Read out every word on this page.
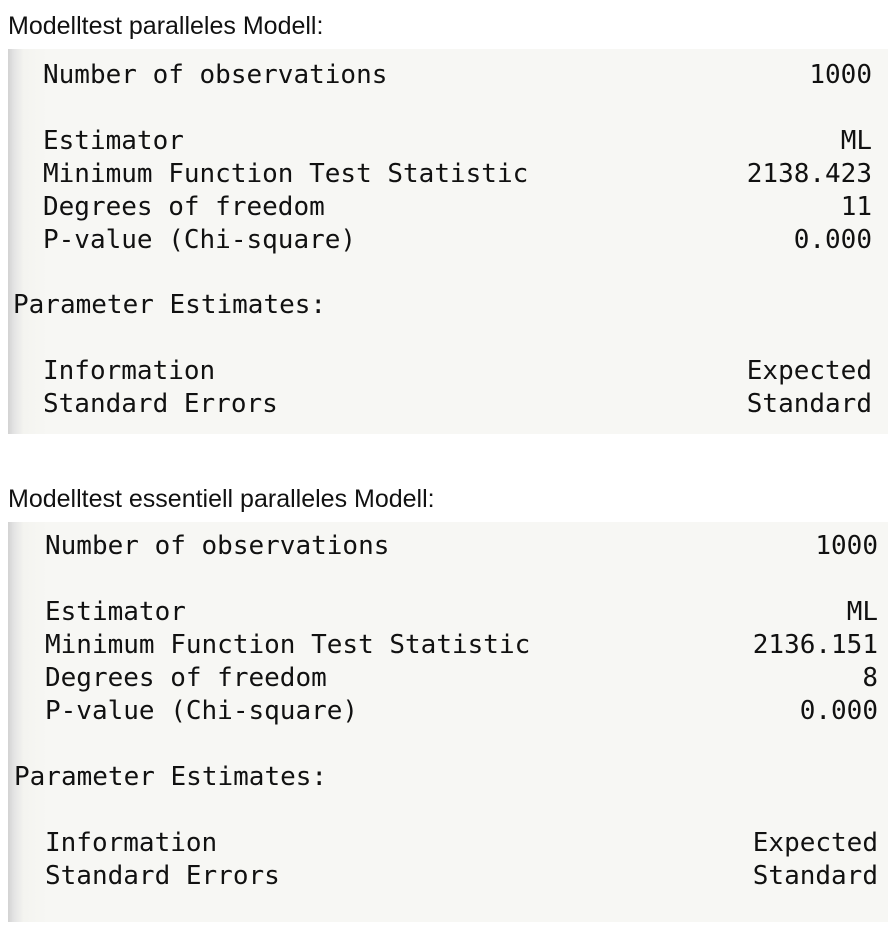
Modelltest paralleles Modell:
Number of observations	1000
Estimator	ML
Minimum Function Test Statistic	2138.423
Degrees of freedom	11
P-value (Chi-square)	0.000
Parameter Estimates:
Information	Expected
Standard Errors	Standard
Modelltest essentiell paralleles Modell:
Number of observations	1000
Estimator	ML
Minimum Function Test Statistic	2136.151
Degrees of freedom	8
P-value (Chi-square)	0.000
Parameter Estimates:
Information	Expected
Standard Errors	Standard
